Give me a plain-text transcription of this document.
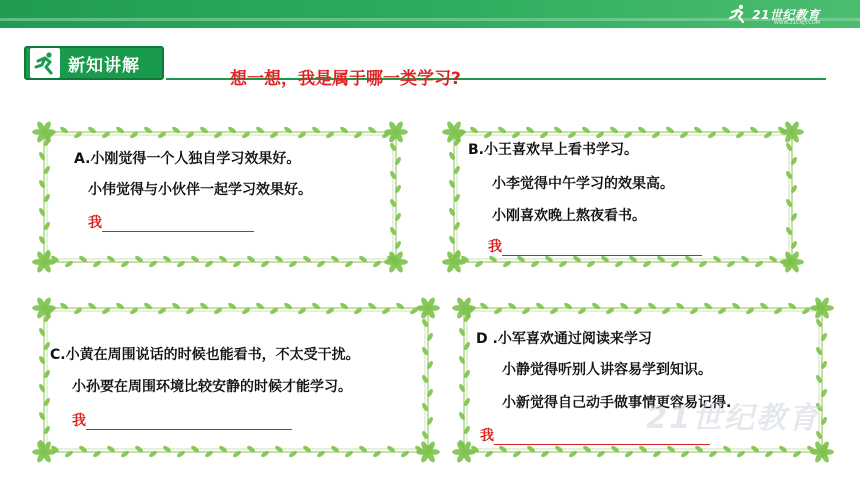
21世纪教育
WWW.21CNJY.COM
新知讲解
想一想，我是属于哪一类学习?
A.小刚觉得一个人独自学习效果好。
小伟觉得与小伙伴一起学习效果好。
我
B.小王喜欢早上看书学习。
小李觉得中午学习的效果高。
小刚喜欢晚上熬夜看书。
我
C.小黄在周围说话的时候也能看书，不太受干扰。
小孙要在周围环境比较安静的时候才能学习。
我
D .小军喜欢通过阅读来学习
小静觉得听别人讲容易学到知识。
小新觉得自己动手做事情更容易记得.
我	21世纪教育
